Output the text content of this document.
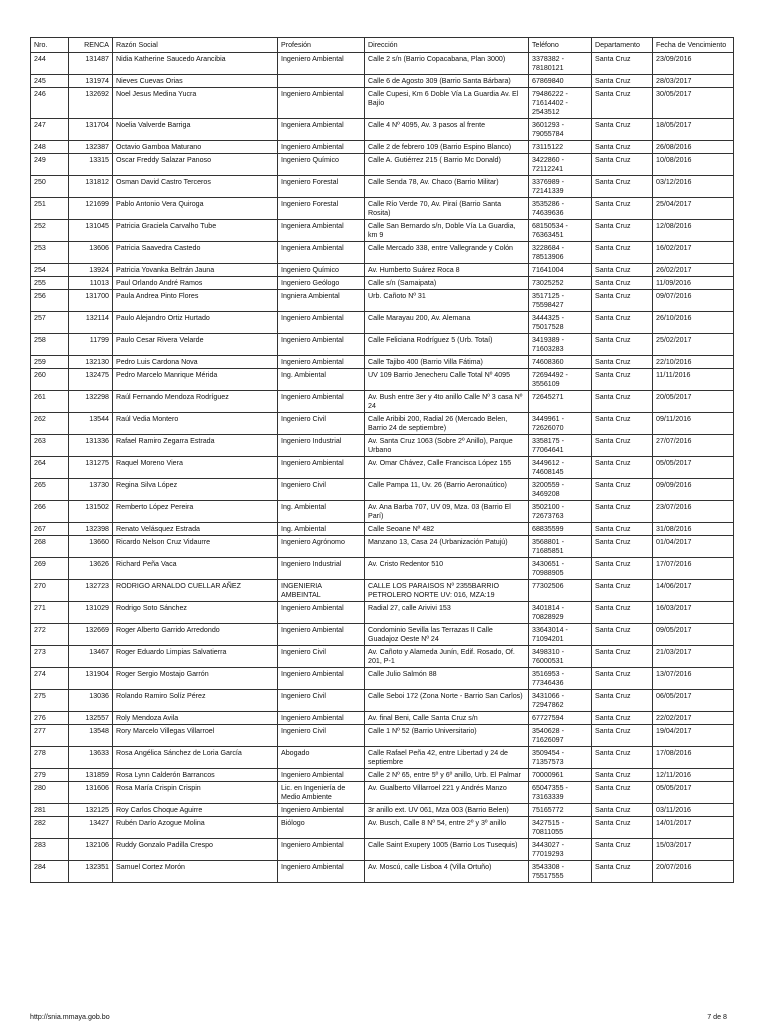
Nro.	RENCA	Razón Social	Profesión	Dirección	Teléfono	Departamento	Fecha de Vencimiento
244	131487	Nidia Katherine Saucedo Arancibia	Ingeniero Ambiental	Calle 2 s/n (Barrio Copacabana, Plan 3000)	3378382 - 78180121	Santa Cruz	23/09/2016
245	131974	Nieves Cuevas Orias		Calle 6 de Agosto 309 (Barrio Santa Bárbara)	67869840	Santa Cruz	28/03/2017
246	132692	Noel Jesus Medina Yucra	Ingeniero Ambiental	Calle Cupesi, Km 6 Doble Vía La Guardia Av. El Bajío	79486222 - 71614402 - 2543512	Santa Cruz	30/05/2017
247	131704	Noelia Valverde Barriga	Ingeniera Ambiental	Calle 4 Nº 4095, Av. 3 pasos al frente	3601293 - 79055784	Santa Cruz	18/05/2017
248	132387	Octavio Gamboa Maturano	Ingeniero Ambiental	Calle 2 de febrero 109 (Barrio Espino Blanco)	73115122	Santa Cruz	26/08/2016
249	13315	Oscar Freddy Salazar Panoso	Ingeniero Químico	Calle A. Gutiérrez 215 ( Barrio Mc Donald)	3422860 - 72112241	Santa Cruz	10/08/2016
250	131812	Osman David Castro Terceros	Ingeniero Forestal	Calle Senda 78, Av. Chaco (Barrio Militar)	3376989 - 72141339	Santa Cruz	03/12/2016
251	121699	Pablo Antonio Vera Quiroga	Ingeniero Forestal	Calle Río Verde 70, Av. Piraí (Barrio Santa Rosita)	3535286 - 74639636	Santa Cruz	25/04/2017
252	131045	Patricia Graciela Carvalho Tube	Ingeniera Ambiental	Calle San Bernardo s/n, Doble Vía La Guardia, km 9	68150534 - 76363451	Santa Cruz	12/08/2016
253	13606	Patricia Saavedra Castedo	Ingeniera Ambiental	Calle Mercado 338, entre Vallegrande y Colón	3228684 - 78513906	Santa Cruz	16/02/2017
254	13924	Patricia Yovanka Beltrán Jauna	Ingeniero Químico	Av. Humberto Suárez Roca 8	71641004	Santa Cruz	26/02/2017
255	11013	Paul Orlando André Ramos	Ingeniero Geólogo	Calle s/n (Samaipata)	73025252	Santa Cruz	11/09/2016
256	131700	Paula Andrea Pinto Flores	Ingniera Ambiental	Urb. Cañoto Nº 31	3517125 - 75598427	Santa Cruz	09/07/2016
257	132114	Paulo Alejandro Ortiz Hurtado	Ingeniero Ambiental	Calle Marayau 200, Av. Alemana	3444325 - 75017528	Santa Cruz	26/10/2016
258	11799	Paulo Cesar Rivera Velarde	Ingeniero Ambiental	Calle Feliciana Rodríguez 5 (Urb. Totaí)	3419389 - 71603283	Santa Cruz	25/02/2017
259	132130	Pedro Luis Cardona Nova	Ingeniero Ambiental	Calle Tajibo 400 (Barrio Villa Fátima)	74608360	Santa Cruz	22/10/2016
260	132475	Pedro Marcelo Manrique Mérida	Ing. Ambiental	UV 109 Barrio Jenecheru Calle Total Nº 4095	72694492 - 3556109	Santa Cruz	11/11/2016
261	132298	Raúl Fernando Mendoza Rodríguez	Ingeniero Ambiental	Av. Bush entre 3er y 4to anillo Calle Nº 3 casa Nº 24	72645271	Santa Cruz	20/05/2017
262	13544	Raúl Vedia Montero	Ingeniero Civil	Calle Aribibi 200, Radial 26 (Mercado Belen, Barrio 24 de septiembre)	3449961 - 72626070	Santa Cruz	09/11/2016
263	131336	Rafael Ramiro Zegarra Estrada	Ingeniero Industrial	Av. Santa Cruz 1063 (Sobre 2º Anillo), Parque Urbano	3358175 - 77064641	Santa Cruz	27/07/2016
264	131275	Raquel Moreno Viera	Ingeniero Ambiental	Av. Omar Chávez, Calle Francisca López 155	3449612 - 74608145	Santa Cruz	05/05/2017
265	13730	Regina Silva López	Ingeniero Civil	Calle Pampa 11, Uv. 26 (Barrio Aeronaútico)	3200559 - 3469208	Santa Cruz	09/09/2016
266	131502	Remberto López Pereira	Ing. Ambiental	Av. Ana Barba 707, UV 09, Mza. 03 (Barrio El Parí)	3502100 - 72673763	Santa Cruz	23/07/2016
267	132398	Renato Velásquez Estrada	Ing. Ambiental	Calle Seoane Nº 482	68835599	Santa Cruz	31/08/2016
268	13660	Ricardo Nelson Cruz Vidaurre	Ingeniero Agrónomo	Manzano 13, Casa 24 (Urbanización Patujú)	3568801 - 71685851	Santa Cruz	01/04/2017
269	13626	Richard Peña Vaca	Ingeniero Industrial	Av. Cristo Redentor 510	3430651 - 70988905	Santa Cruz	17/07/2016
270	132723	RODRIGO ARNALDO CUELLAR AÑEZ	INGENIERIA AMBEINTAL	CALLE LOS PARAISOS Nº 2355BARRIO PETROLERO NORTE UV: 016, MZA:19	77302506	Santa Cruz	14/06/2017
271	131029	Rodrigo Soto Sánchez	Ingeniero Ambiental	Radial 27, calle Arivivi 153	3401814 - 70828929	Santa Cruz	16/03/2017
272	132669	Roger Alberto Garrido Arredondo	Ingeniero Ambiental	Condominio Sevilla las Terrazas II Calle Guadajoz Oeste Nº 24	33643014 - 71094201	Santa Cruz	09/05/2017
273	13467	Roger Eduardo Limpias Salvatierra	Ingeniero Civil	Av. Cañoto y Alameda Junín, Edif. Rosado, Of. 201, P-1	3498310 - 76000531	Santa Cruz	21/03/2017
274	131904	Roger Sergio Mostajo Garrón	Ingeniero Ambiental	Calle Julio Salmón 88	3516953 - 77346436	Santa Cruz	13/07/2016
275	13036	Rolando Ramiro Solíz Pérez	Ingeniero Civil	Calle Seboi 172 (Zona Norte - Barrio San Carlos)	3431066 - 72947862	Santa Cruz	06/05/2017
276	132557	Roly Mendoza Avila	Ingeniero Ambiental	Av. final Beni, Calle Santa Cruz s/n	67727594	Santa Cruz	22/02/2017
277	13548	Rory Marcelo Villegas Villarroel	Ingeniero Civil	Calle 1 Nº 52 (Barrio Universitario)	3540628 - 71626097	Santa Cruz	19/04/2017
278	13633	Rosa Angélica Sánchez de Loria García	Abogado	Calle Rafael Peña 42, entre Libertad y 24 de septiembre	3509454 - 71357573	Santa Cruz	17/08/2016
279	131859	Rosa Lynn Calderón Barrancos	Ingeniero Ambiental	Calle 2 Nº 65, entre 5º y 6º anillo, Urb. El Palmar	70000961	Santa Cruz	12/11/2016
280	131606	Rosa María Crispin Crispin	Lic. en Ingeniería de Medio Ambiente	Av. Gualberto Villarroel 221 y Andrés Manzo	65047355 - 73163339	Santa Cruz	05/05/2017
281	132125	Roy Carlos Choque Aguirre	Ingeniero Ambiental	3r anillo ext. UV 061, Mza 003 (Barrio Belen)	75165772	Santa Cruz	03/11/2016
282	13427	Rubén Darío Azogue Molina	Biólogo	Av. Busch, Calle 8 Nº 54, entre 2º y 3º anillo	3427515 - 70811055	Santa Cruz	14/01/2017
283	132106	Ruddy Gonzalo Padilla Crespo	Ingeniero Ambiental	Calle Saint Exupery 1005 (Barrio Los Tusequis)	3443027 - 77019293	Santa Cruz	15/03/2017
284	132351	Samuel Cortez Morón	Ingeniero Ambiental	Av. Moscú, calle Lisboa 4 (Villa Ortuño)	3543308 - 75517555	Santa Cruz	20/07/2016
http://snia.mmaya.gob.bo	7 de 8
